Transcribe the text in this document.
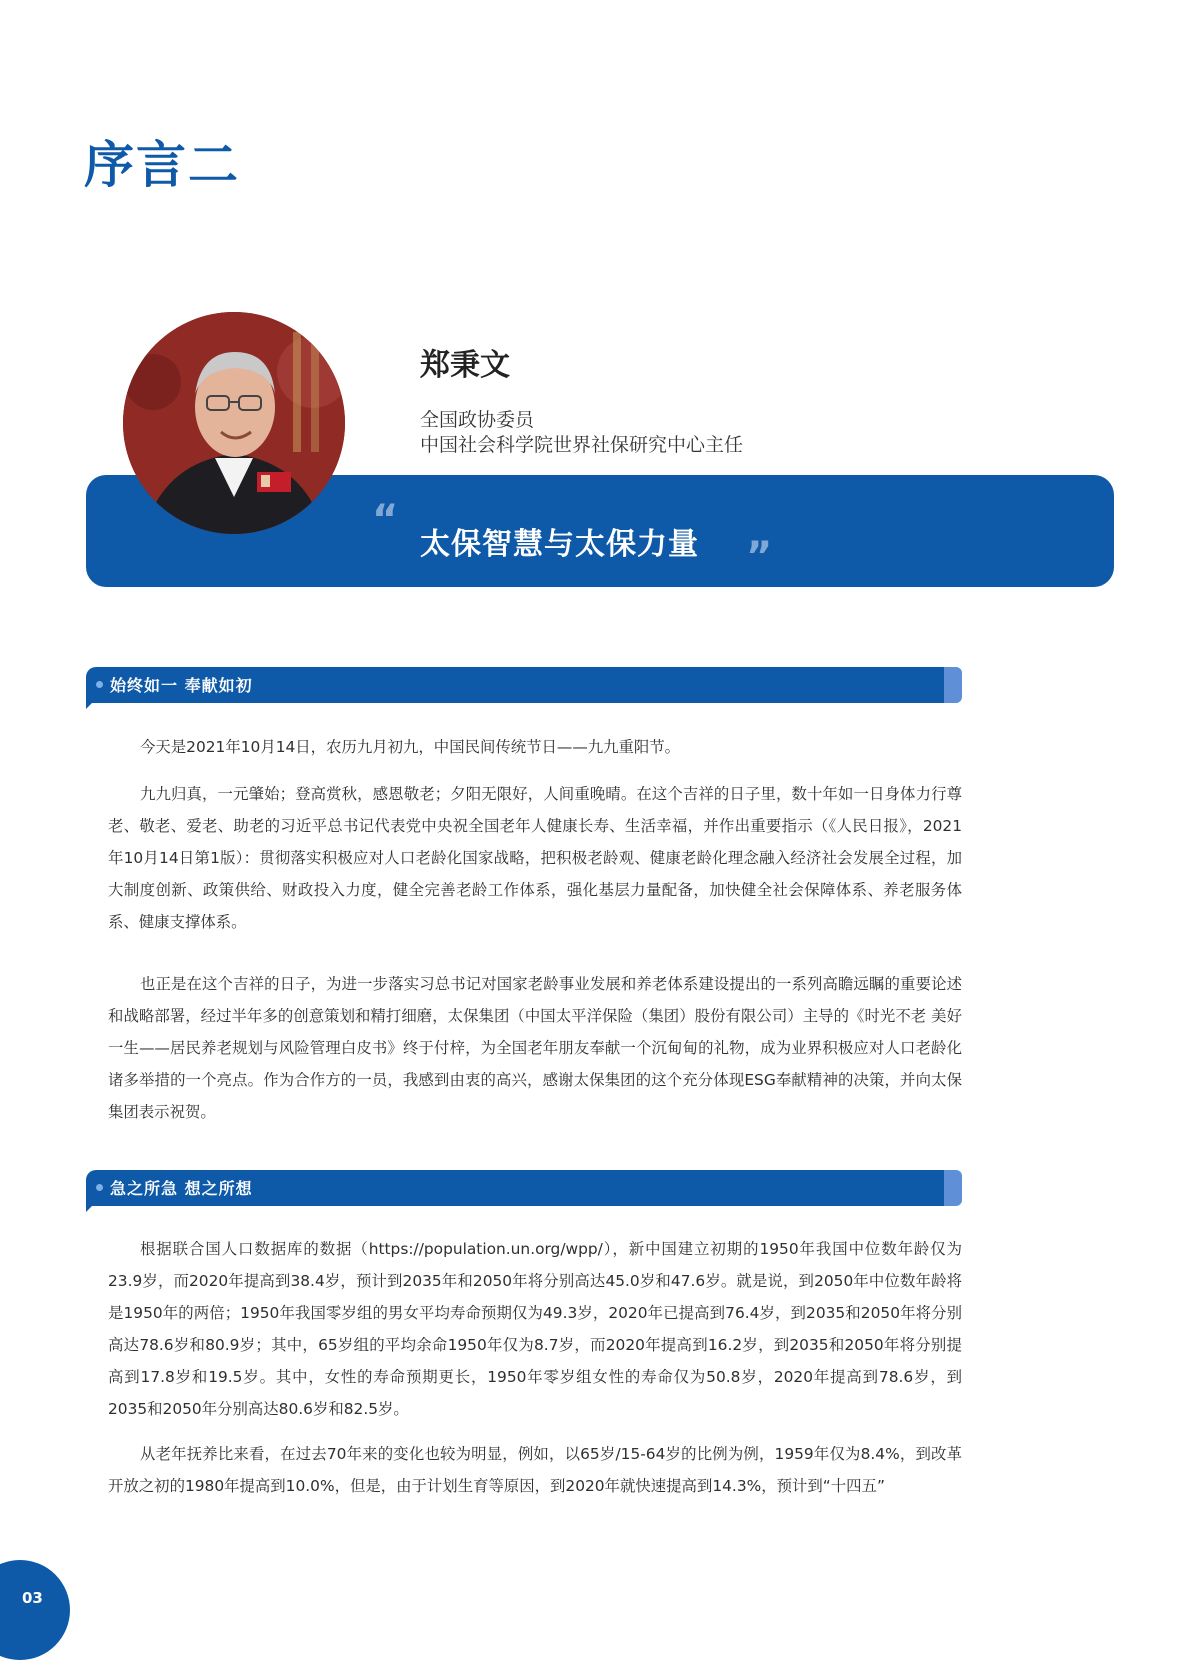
序言二
“
太保智慧与太保力量 ”
郑秉文
全国政协委员
中国社会科学院世界社保研究中心主任
始终如一 奉献如初

今天是2021年10月14日，农历九月初九，中国民间传统节日——九九重阳节。

九九归真，一元肇始；登高赏秋，感恩敬老；夕阳无限好，人间重晚晴。在这个吉祥的日子里，数十年如一日身体力行尊老、敬老、爱老、助老的习近平总书记代表党中央祝全国老年人健康长寿、生活幸福，并作出重要指示（《人民日报》，2021年10月14日第1版）：贯彻落实积极应对人口老龄化国家战略，把积极老龄观、健康老龄化理念融入经济社会发展全过程，加大制度创新、政策供给、财政投入力度，健全完善老龄工作体系，强化基层力量配备，加快健全社会保障体系、养老服务体系、健康支撑体系。

也正是在这个吉祥的日子，为进一步落实习总书记对国家老龄事业发展和养老体系建设提出的一系列高瞻远瞩的重要论述和战略部署，经过半年多的创意策划和精打细磨，太保集团（中国太平洋保险（集团）股份有限公司）主导的《时光不老 美好一生——居民养老规划与风险管理白皮书》终于付梓，为全国老年朋友奉献一个沉甸甸的礼物，成为业界积极应对人口老龄化诸多举措的一个亮点。作为合作方的一员，我感到由衷的高兴，感谢太保集团的这个充分体现ESG奉献精神的决策，并向太保集团表示祝贺。

急之所急 想之所想

根据联合国人口数据库的数据（https://population.un.org/wpp/），新中国建立初期的1950年我国中位数年龄仅为23.9岁，而2020年提高到38.4岁，预计到2035年和2050年将分别高达45.0岁和47.6岁。就是说，到2050年中位数年龄将是1950年的两倍；1950年我国零岁组的男女平均寿命预期仅为49.3岁，2020年已提高到76.4岁，到2035和2050年将分别高达78.6岁和80.9岁；其中，65岁组的平均余命1950年仅为8.7岁，而2020年提高到16.2岁，到2035和2050年将分别提高到17.8岁和19.5岁。其中，女性的寿命预期更长，1950年零岁组女性的寿命仅为50.8岁，2020年提高到78.6岁，到2035和2050年分别高达80.6岁和82.5岁。

从老年抚养比来看，在过去70年来的变化也较为明显，例如，以65岁/15-64岁的比例为例，1959年仅为8.4%，到改革开放之初的1980年提高到10.0%，但是，由于计划生育等原因，到2020年就快速提高到14.3%，预计到“十四五”

03
